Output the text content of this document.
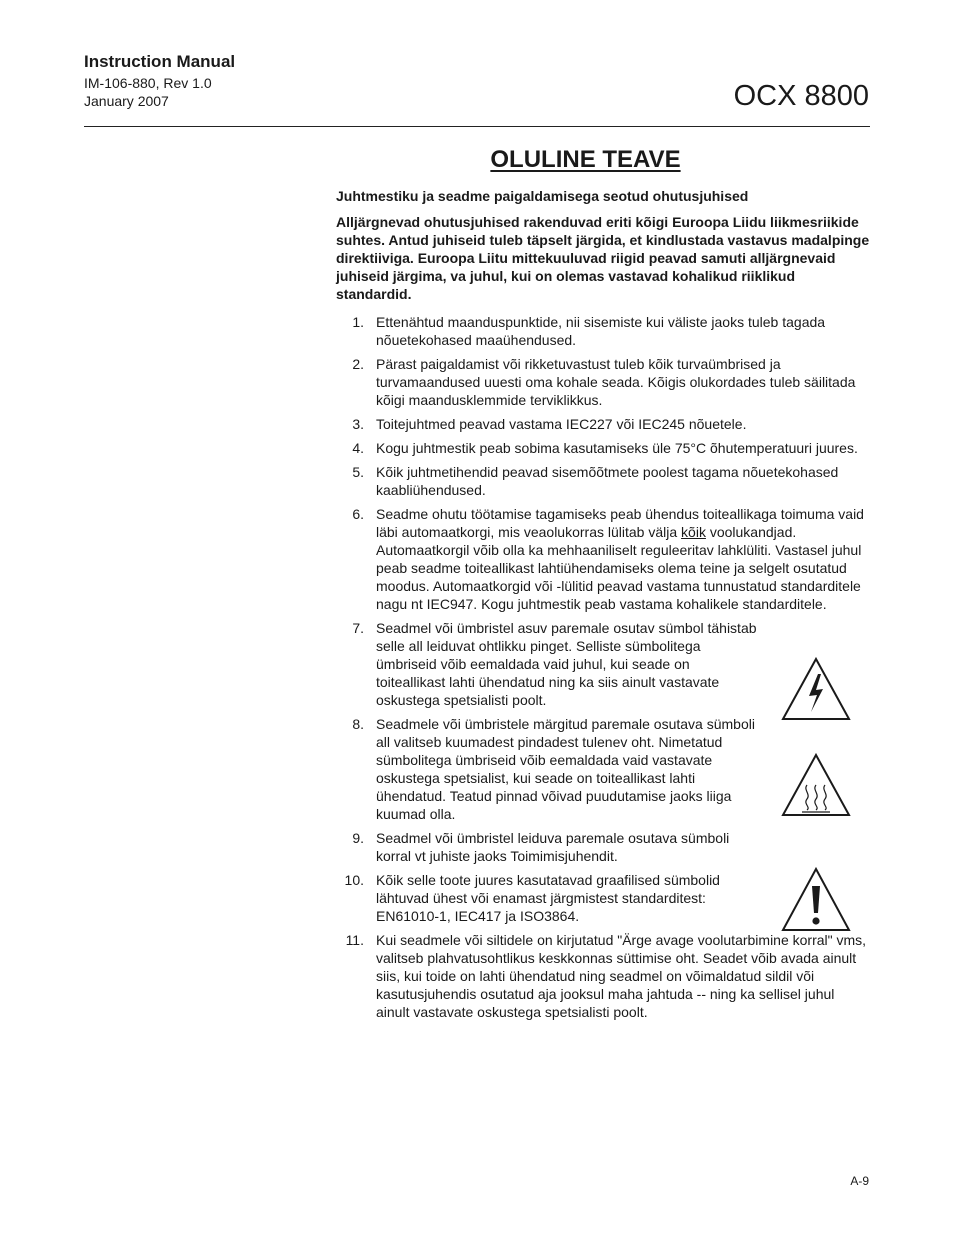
Instruction Manual
IM-106-880, Rev 1.0
January 2007	OCX 8800
OLULINE TEAVE
Juhtmestiku ja seadme paigaldamisega seotud ohutusjuhised
Alljärgnevad ohutusjuhised rakenduvad eriti kõigi Euroopa Liidu liikmesriikide suhtes. Antud juhiseid tuleb täpselt järgida, et kindlustada vastavus madalpinge direktiiviga. Euroopa Liitu mittekuuluvad riigid peavad samuti alljärgnevaid juhiseid järgima, va juhul, kui on olemas vastavad kohalikud riiklikud standardid.
1. Ettenähtud maanduspunktide, nii sisemiste kui väliste jaoks tuleb tagada nõuetekohased maaühendused.
2. Pärast paigaldamist või rikketuvastust tuleb kõik turvaümbrised ja turvamaandused uuesti oma kohale seada. Kõigis olukordades tuleb säilitada kõigi maandusklemmide terviklikkus.
3. Toitejuhtmed peavad vastama IEC227 või IEC245 nõuetele.
4. Kogu juhtmestik peab sobima kasutamiseks üle 75°C õhutemperatuuri juures.
5. Kõik juhtmetihendid peavad sisemõõtmete poolest tagama nõuetekohased kaabliühendused.
6. Seadme ohutu töötamise tagamiseks peab ühendus toiteallikaga toimuma vaid läbi automaatkorgi, mis veaolukorras lülitab välja kõik voolukandjad. Automaatkorgil võib olla ka mehhaaniliselt reguleeritav lahklüliti. Vastasel juhul peab seadme toiteallikast lahtiühendamiseks olema teine ja selgelt osutatud moodus. Automaatkorgid või -lülitid peavad vastama tunnustatud standarditele nagu nt IEC947. Kogu juhtmestik peab vastama kohalikele standarditele.
7. Seadmel või ümbristel asuv paremale osutav sümbol tähistab selle all leiduvat ohtlikku pinget. Selliste sümbolitega ümbriseid võib eemaldada vaid juhul, kui seade on toiteallikast lahti ühendatud ning ka siis ainult vastavate oskustega spetsialisti poolt.
8. Seadmele või ümbristele märgitud paremale osutava sümboli all valitseb kuumadest pindadest tulenev oht. Nimetatud sümbolitega ümbriseid võib eemaldada vaid vastavate oskustega spetsialist, kui seade on toiteallikast lahti ühendatud. Teatud pinnad võivad puudutamise jaoks liiga kuumad olla.
9. Seadmel või ümbristel leiduva paremale osutava sümboli korral vt juhiste jaoks Toimimisjuhendit.
10. Kõik selle toote juures kasutatavad graafilised sümbolid lähtuvad ühest või enamast järgmistest standarditest: EN61010-1, IEC417 ja ISO3864.
11. Kui seadmele või siltidele on kirjutatud "Ärge avage voolutarbimine korral" vms, valitseb plahvatusohtlikus keskkonnas süttimise oht. Seadet võib avada ainult siis, kui toide on lahti ühendatud ning seadmel on võimaldatud sildil või kasutusjuhendis osutatud aja jooksul maha jahtuda -- ning ka sellisel juhul ainult vastavate oskustega spetsialisti poolt.
A-9
